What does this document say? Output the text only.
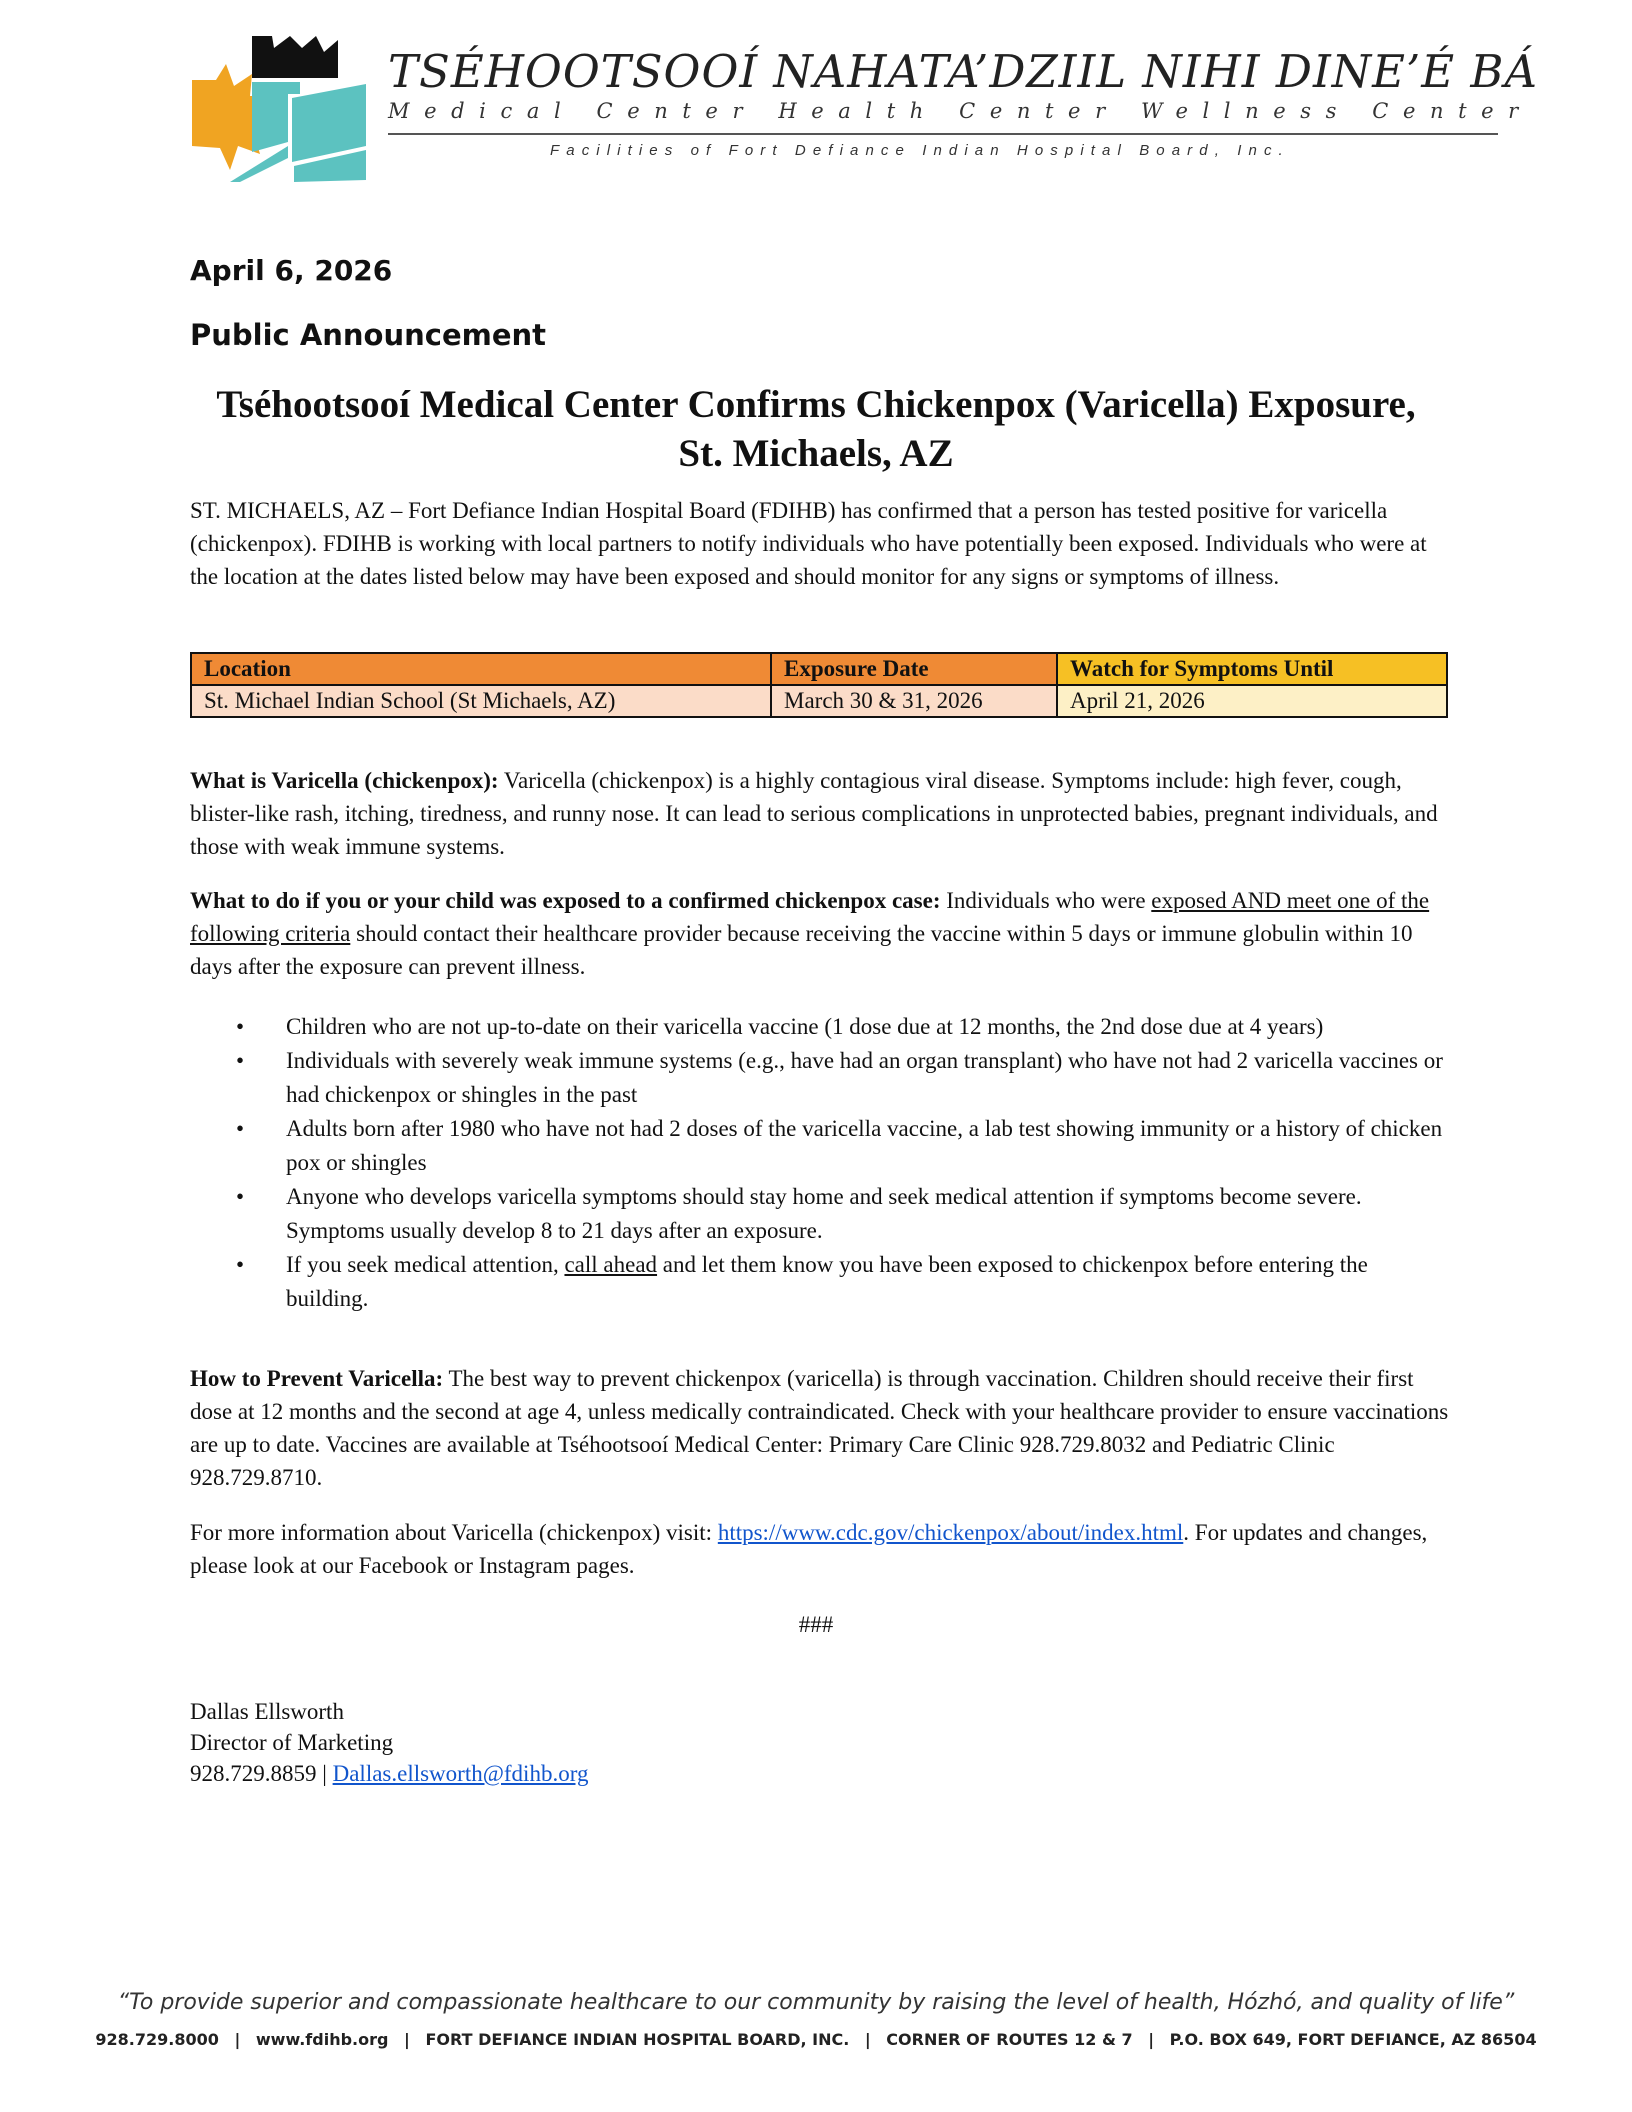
TSÉHOOTSOOÍ NAHATA’DZIIL NIHI DINE’É BÁ
Medical Center Health Center Wellness Center
Facilities of Fort Defiance Indian Hospital Board, Inc.
April 6, 2026
Public Announcement
Tséhootsooí Medical Center Confirms Chickenpox (Varicella) Exposure, St. Michaels, AZ

ST. MICHAELS, AZ – Fort Defiance Indian Hospital Board (FDIHB) has confirmed that a person has tested positive for varicella (chickenpox). FDIHB is working with local partners to notify individuals who have potentially been exposed. Individuals who were at the location at the dates listed below may have been exposed and should monitor for any signs or symptoms of illness.

Location	Exposure Date	Watch for Symptoms Until
St. Michael Indian School (St Michaels, AZ)	March 30 & 31, 2026	April 21, 2026

What is Varicella (chickenpox): Varicella (chickenpox) is a highly contagious viral disease. Symptoms include: high fever, cough, blister-like rash, itching, tiredness, and runny nose. It can lead to serious complications in unprotected babies, pregnant individuals, and those with weak immune systems.

What to do if you or your child was exposed to a confirmed chickenpox case: Individuals who were exposed AND meet one of the following criteria should contact their healthcare provider because receiving the vaccine within 5 days or immune globulin within 10 days after the exposure can prevent illness.

• Children who are not up-to-date on their varicella vaccine (1 dose due at 12 months, the 2nd dose due at 4 years)
• Individuals with severely weak immune systems (e.g., have had an organ transplant) who have not had 2 varicella vaccines or had chickenpox or shingles in the past
• Adults born after 1980 who have not had 2 doses of the varicella vaccine, a lab test showing immunity or a history of chicken pox or shingles
• Anyone who develops varicella symptoms should stay home and seek medical attention if symptoms become severe. Symptoms usually develop 8 to 21 days after an exposure.
• If you seek medical attention, call ahead and let them know you have been exposed to chickenpox before entering the building.

How to Prevent Varicella: The best way to prevent chickenpox (varicella) is through vaccination. Children should receive their first dose at 12 months and the second at age 4, unless medically contraindicated. Check with your healthcare provider to ensure vaccinations are up to date. Vaccines are available at Tséhootsooí Medical Center: Primary Care Clinic 928.729.8032 and Pediatric Clinic 928.729.8710.

For more information about Varicella (chickenpox) visit: https://www.cdc.gov/chickenpox/about/index.html. For updates and changes, please look at our Facebook or Instagram pages.

###
Dallas Ellsworth
Director of Marketing
928.729.8859 | Dallas.ellsworth@fdihb.org
“To provide superior and compassionate healthcare to our community by raising the level of health, Hózhó, and quality of life”
928.729.8000 | www.fdihb.org | FORT DEFIANCE INDIAN HOSPITAL BOARD, INC. | CORNER OF ROUTES 12 & 7 | P.O. BOX 649, FORT DEFIANCE, AZ 86504
